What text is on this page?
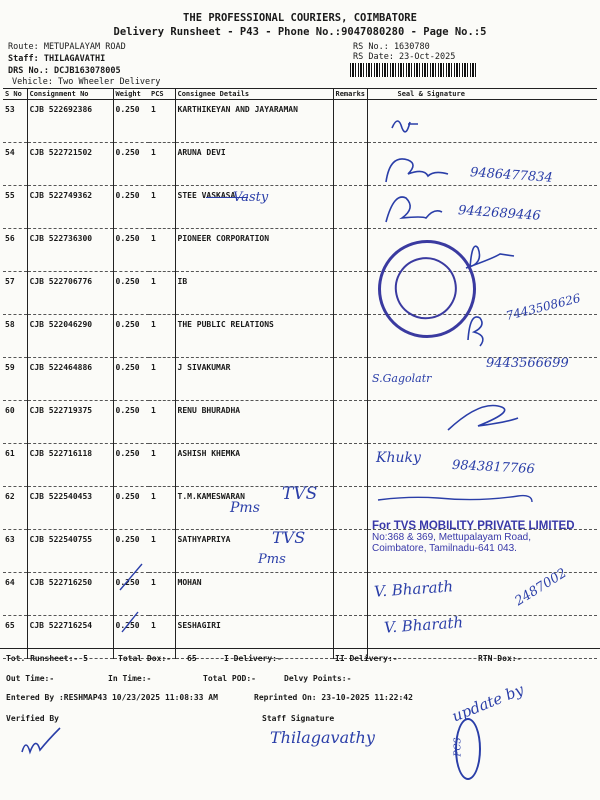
THE PROFESSIONAL COURIERS, COIMBATORE
Delivery Runsheet - P43 - Phone No.:9047080280 - Page No.:5
Route: METUPALAYAM ROAD
Staff: THILAGAVATHI
DRS No.: DCJB163078005
Vehicle: Two Wheeler Delivery
RS No.: 1630780
RS Date: 23-Oct-2025
S No	Consignment No	Weight	PCS	Consignee Details	Remarks	Seal & Signature
53	CJB 522692386	0.250	1	KARTHIKEYAN AND JAYARAMAN		
54	CJB 522721502	0.250	1	ARUNA DEVI		
55	CJB 522749362	0.250	1	STEE VASKASA		
56	CJB 522736300	0.250	1	PIONEER CORPORATION		
57	CJB 522706776	0.250	1	IB		
58	CJB 522046290	0.250	1	THE PUBLIC RELATIONS		
59	CJB 522464886	0.250	1	J SIVAKUMAR		
60	CJB 522719375	0.250	1	RENU BHURADHA		
61	CJB 522716118	0.250	1	ASHISH KHEMKA		
62	CJB 522540453	0.250	1	T.M.KAMESWARAN		
63	CJB 522540755	0.250	1	SATHYAPRIYA		
64	CJB 522716250	0.250	1	MOHAN		
65	CJB 522716254	0.250	1	SESHAGIRI		
Tot. Runsheet:- 5	Total Dox:- 65	I Delivery:-	II Delivery:-	RTN Dox:-
Out Time:-	In Time:-	Total POD:-	Delvy Points:-
Entered By :RESHMAP43 10/23/2025 11:08:33 AM	Reprinted On: 23-10-2025 11:22:42
Verified By	Staff Signature
Vasty
9486477834
9442689446
7443508626
S.Gagolatr
9443566699
Khuky 9843817766
TVS
Pms
TVS
Pms
V. Bharath
V. Bharath
2487002
Thilagavathy
update by
PCS
For TVS MOBILITY PRIVATE LIMITED
No:368 & 369, Mettupalayam Road,
Coimbatore, Tamilnadu-641 043.
